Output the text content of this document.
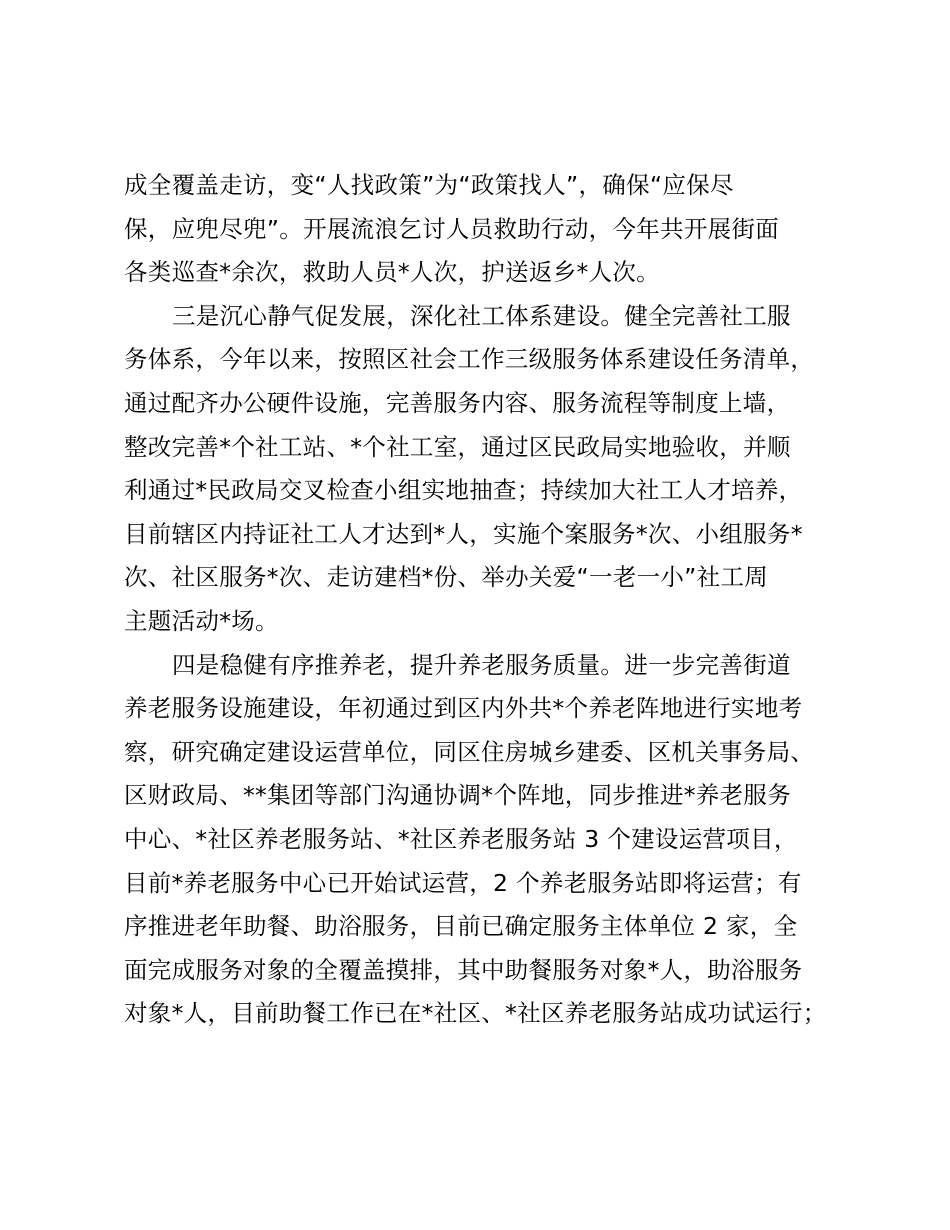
成全覆盖走访，变“人找政策”为“政策找人”，确保“应保尽
保，应兜尽兜”。开展流浪乞讨人员救助行动，今年共开展街面
各类巡查*余次，救助人员*人次，护送返乡*人次。
三是沉心静气促发展，深化社工体系建设。健全完善社工服
务体系，今年以来，按照区社会工作三级服务体系建设任务清单，
通过配齐办公硬件设施，完善服务内容、服务流程等制度上墙，
整改完善*个社工站、*个社工室，通过区民政局实地验收，并顺
利通过*民政局交叉检查小组实地抽查；持续加大社工人才培养，
目前辖区内持证社工人才达到*人，实施个案服务*次、小组服务*
次、社区服务*次、走访建档*份、举办关爱“一老一小”社工周
主题活动*场。
四是稳健有序推养老，提升养老服务质量。进一步完善街道
养老服务设施建设，年初通过到区内外共*个养老阵地进行实地考
察，研究确定建设运营单位，同区住房城乡建委、区机关事务局、
区财政局、**集团等部门沟通协调*个阵地，同步推进*养老服务
中心、*社区养老服务站、*社区养老服务站 3 个建设运营项目，
目前*养老服务中心已开始试运营，2 个养老服务站即将运营；有
序推进老年助餐、助浴服务，目前已确定服务主体单位 2 家，全
面完成服务对象的全覆盖摸排，其中助餐服务对象*人，助浴服务
对象*人，目前助餐工作已在*社区、*社区养老服务站成功试运行；
